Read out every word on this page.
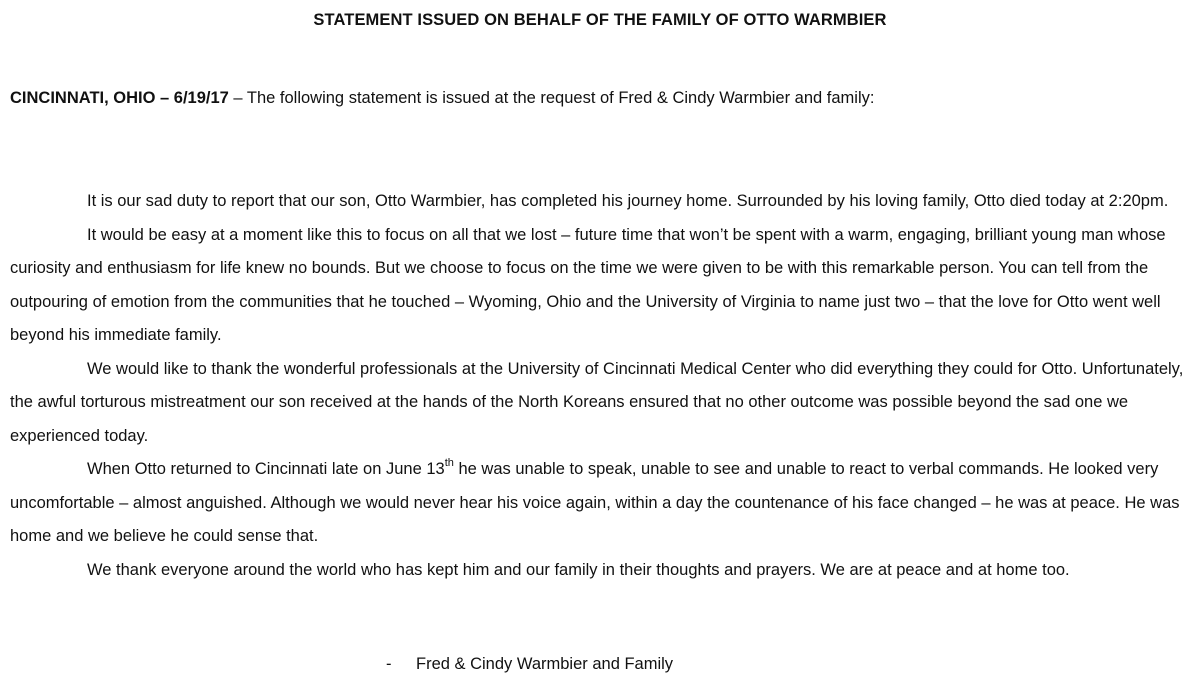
STATEMENT ISSUED ON BEHALF OF THE FAMILY OF OTTO WARMBIER
CINCINNATI, OHIO – 6/19/17 – The following statement is issued at the request of Fred & Cindy Warmbier and family:

It is our sad duty to report that our son, Otto Warmbier, has completed his journey home. Surrounded by his loving family, Otto died today at 2:20pm.

It would be easy at a moment like this to focus on all that we lost – future time that won’t be spent with a warm, engaging, brilliant young man whose curiosity and enthusiasm for life knew no bounds. But we choose to focus on the time we were given to be with this remarkable person. You can tell from the outpouring of emotion from the communities that he touched – Wyoming, Ohio and the University of Virginia to name just two – that the love for Otto went well beyond his immediate family.

We would like to thank the wonderful professionals at the University of Cincinnati Medical Center who did everything they could for Otto. Unfortunately, the awful torturous mistreatment our son received at the hands of the North Koreans ensured that no other outcome was possible beyond the sad one we experienced today.

When Otto returned to Cincinnati late on June 13th he was unable to speak, unable to see and unable to react to verbal commands. He looked very uncomfortable – almost anguished. Although we would never hear his voice again, within a day the countenance of his face changed – he was at peace. He was home and we believe he could sense that.

We thank everyone around the world who has kept him and our family in their thoughts and prayers. We are at peace and at home too.

- Fred & Cindy Warmbier and Family
